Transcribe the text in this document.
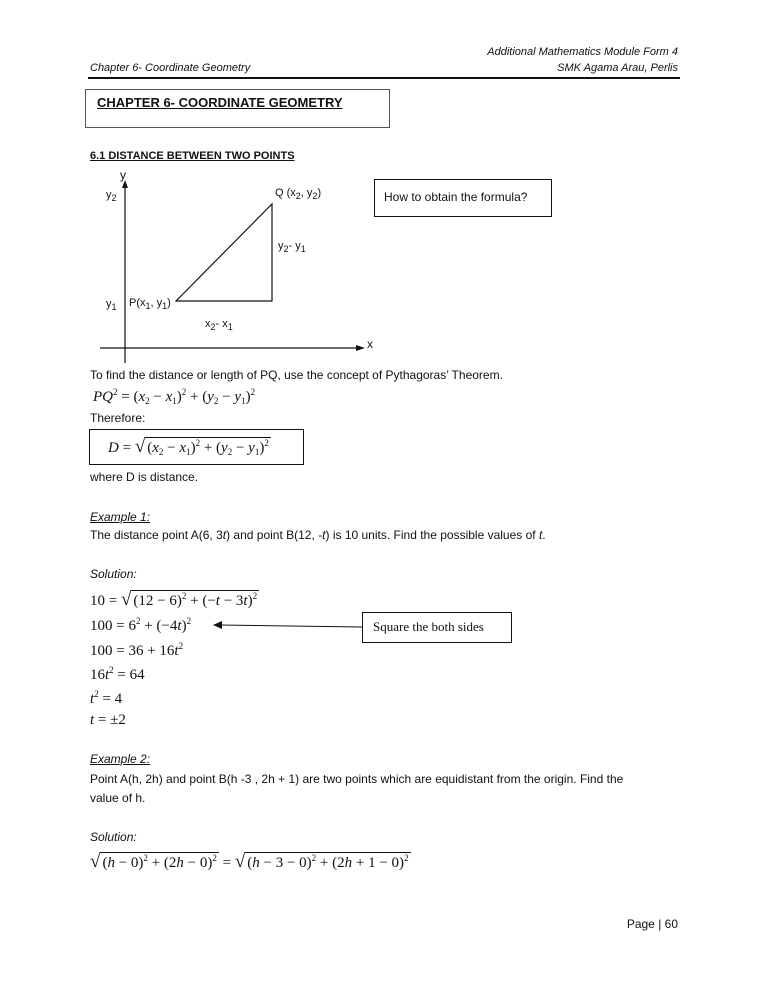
Additional Mathematics Module Form 4
Chapter 6- Coordinate Geometry	SMK Agama Arau, Perlis
CHAPTER 6- COORDINATE GEOMETRY
6.1 DISTANCE BETWEEN TWO POINTS
y
x
$y_2$
$y_1$
Q ($x_2$, $y_2$)
$P(x_1$, $y_1$)
$y_2-$ $y_1$
$x_2-$ $x_1$
How to obtain the formula?
To find the distance or length of PQ, use the concept of Pythagoras’ Theorem.
$PQ^2 = (x_2 - x_1)^2 + (y_2 - y_1)^2$
Therefore:
D = √ $(x_2 - x_1)^2 + (y_2 - y_1)^2$
where D is distance.
Example 1:
The distance point A(6, 3t) and point B(12, -t) is 10 units. Find the possible values of t.
Solution:
10 = √ $(12 - 6)^2 + (-t - 3t)^2$
$100 = 6^2 + (-4t)^2$
$100 = 36 + 16t^2$
$16t^2 = 64$
$t^2 = 4$
t = ±2
Square the both sides
Example 2:
Point A(h, 2h) and point B(h -3 , 2h + 1) are two points which are equidistant from the origin. Find the
value of h.
Solution:
√ $(h - 0)^2 + (2h - 0)^2$ = √ $(h - 3 - 0)^2 + (2h + 1 - 0)^2$
Page | 60
